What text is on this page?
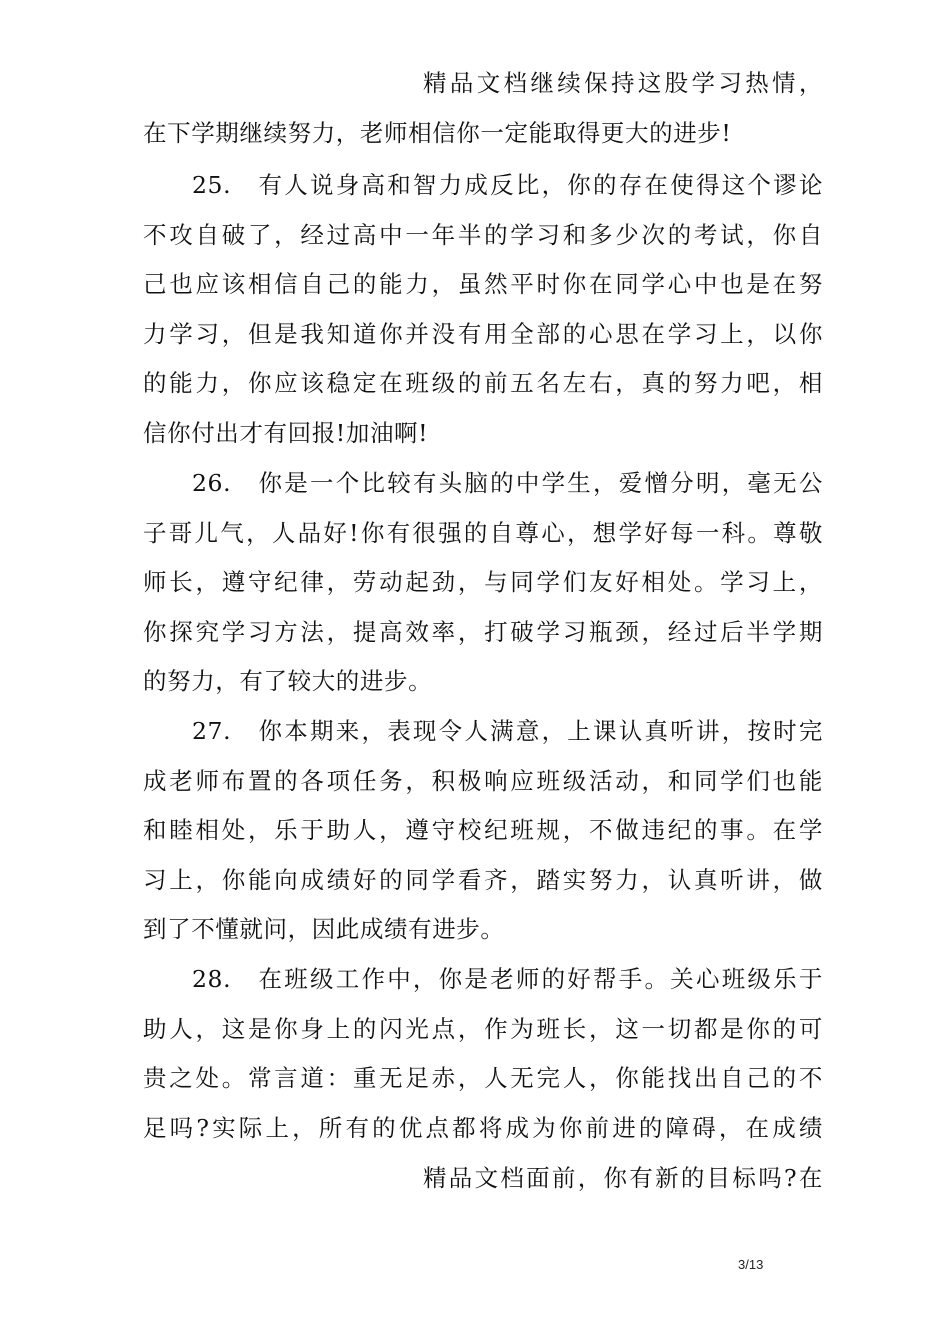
精品文档继续保持这股学习热情，
在下学期继续努力，老师相信你一定能取得更大的进步!
25.　有人说身高和智力成反比，你的存在使得这个谬论
不攻自破了，经过高中一年半的学习和多少次的考试，你自
己也应该相信自己的能力，虽然平时你在同学心中也是在努
力学习，但是我知道你并没有用全部的心思在学习上，以你
的能力，你应该稳定在班级的前五名左右，真的努力吧，相
信你付出才有回报!加油啊!
26.　你是一个比较有头脑的中学生，爱憎分明，毫无公
子哥儿气，人品好!你有很强的自尊心，想学好每一科。尊敬
师长，遵守纪律，劳动起劲，与同学们友好相处。学习上，
你探究学习方法，提高效率，打破学习瓶颈，经过后半学期
的努力，有了较大的进步。
27.　你本期来，表现令人满意，上课认真听讲，按时完
成老师布置的各项任务，积极响应班级活动，和同学们也能
和睦相处，乐于助人，遵守校纪班规，不做违纪的事。在学
习上，你能向成绩好的同学看齐，踏实努力，认真听讲，做
到了不懂就问，因此成绩有进步。
28.　在班级工作中，你是老师的好帮手。关心班级乐于
助人，这是你身上的闪光点，作为班长，这一切都是你的可
贵之处。常言道：重无足赤，人无完人，你能找出自己的不
足吗?实际上，所有的优点都将成为你前进的障碍，在成绩
精品文档面前，你有新的目标吗?在
3/13
